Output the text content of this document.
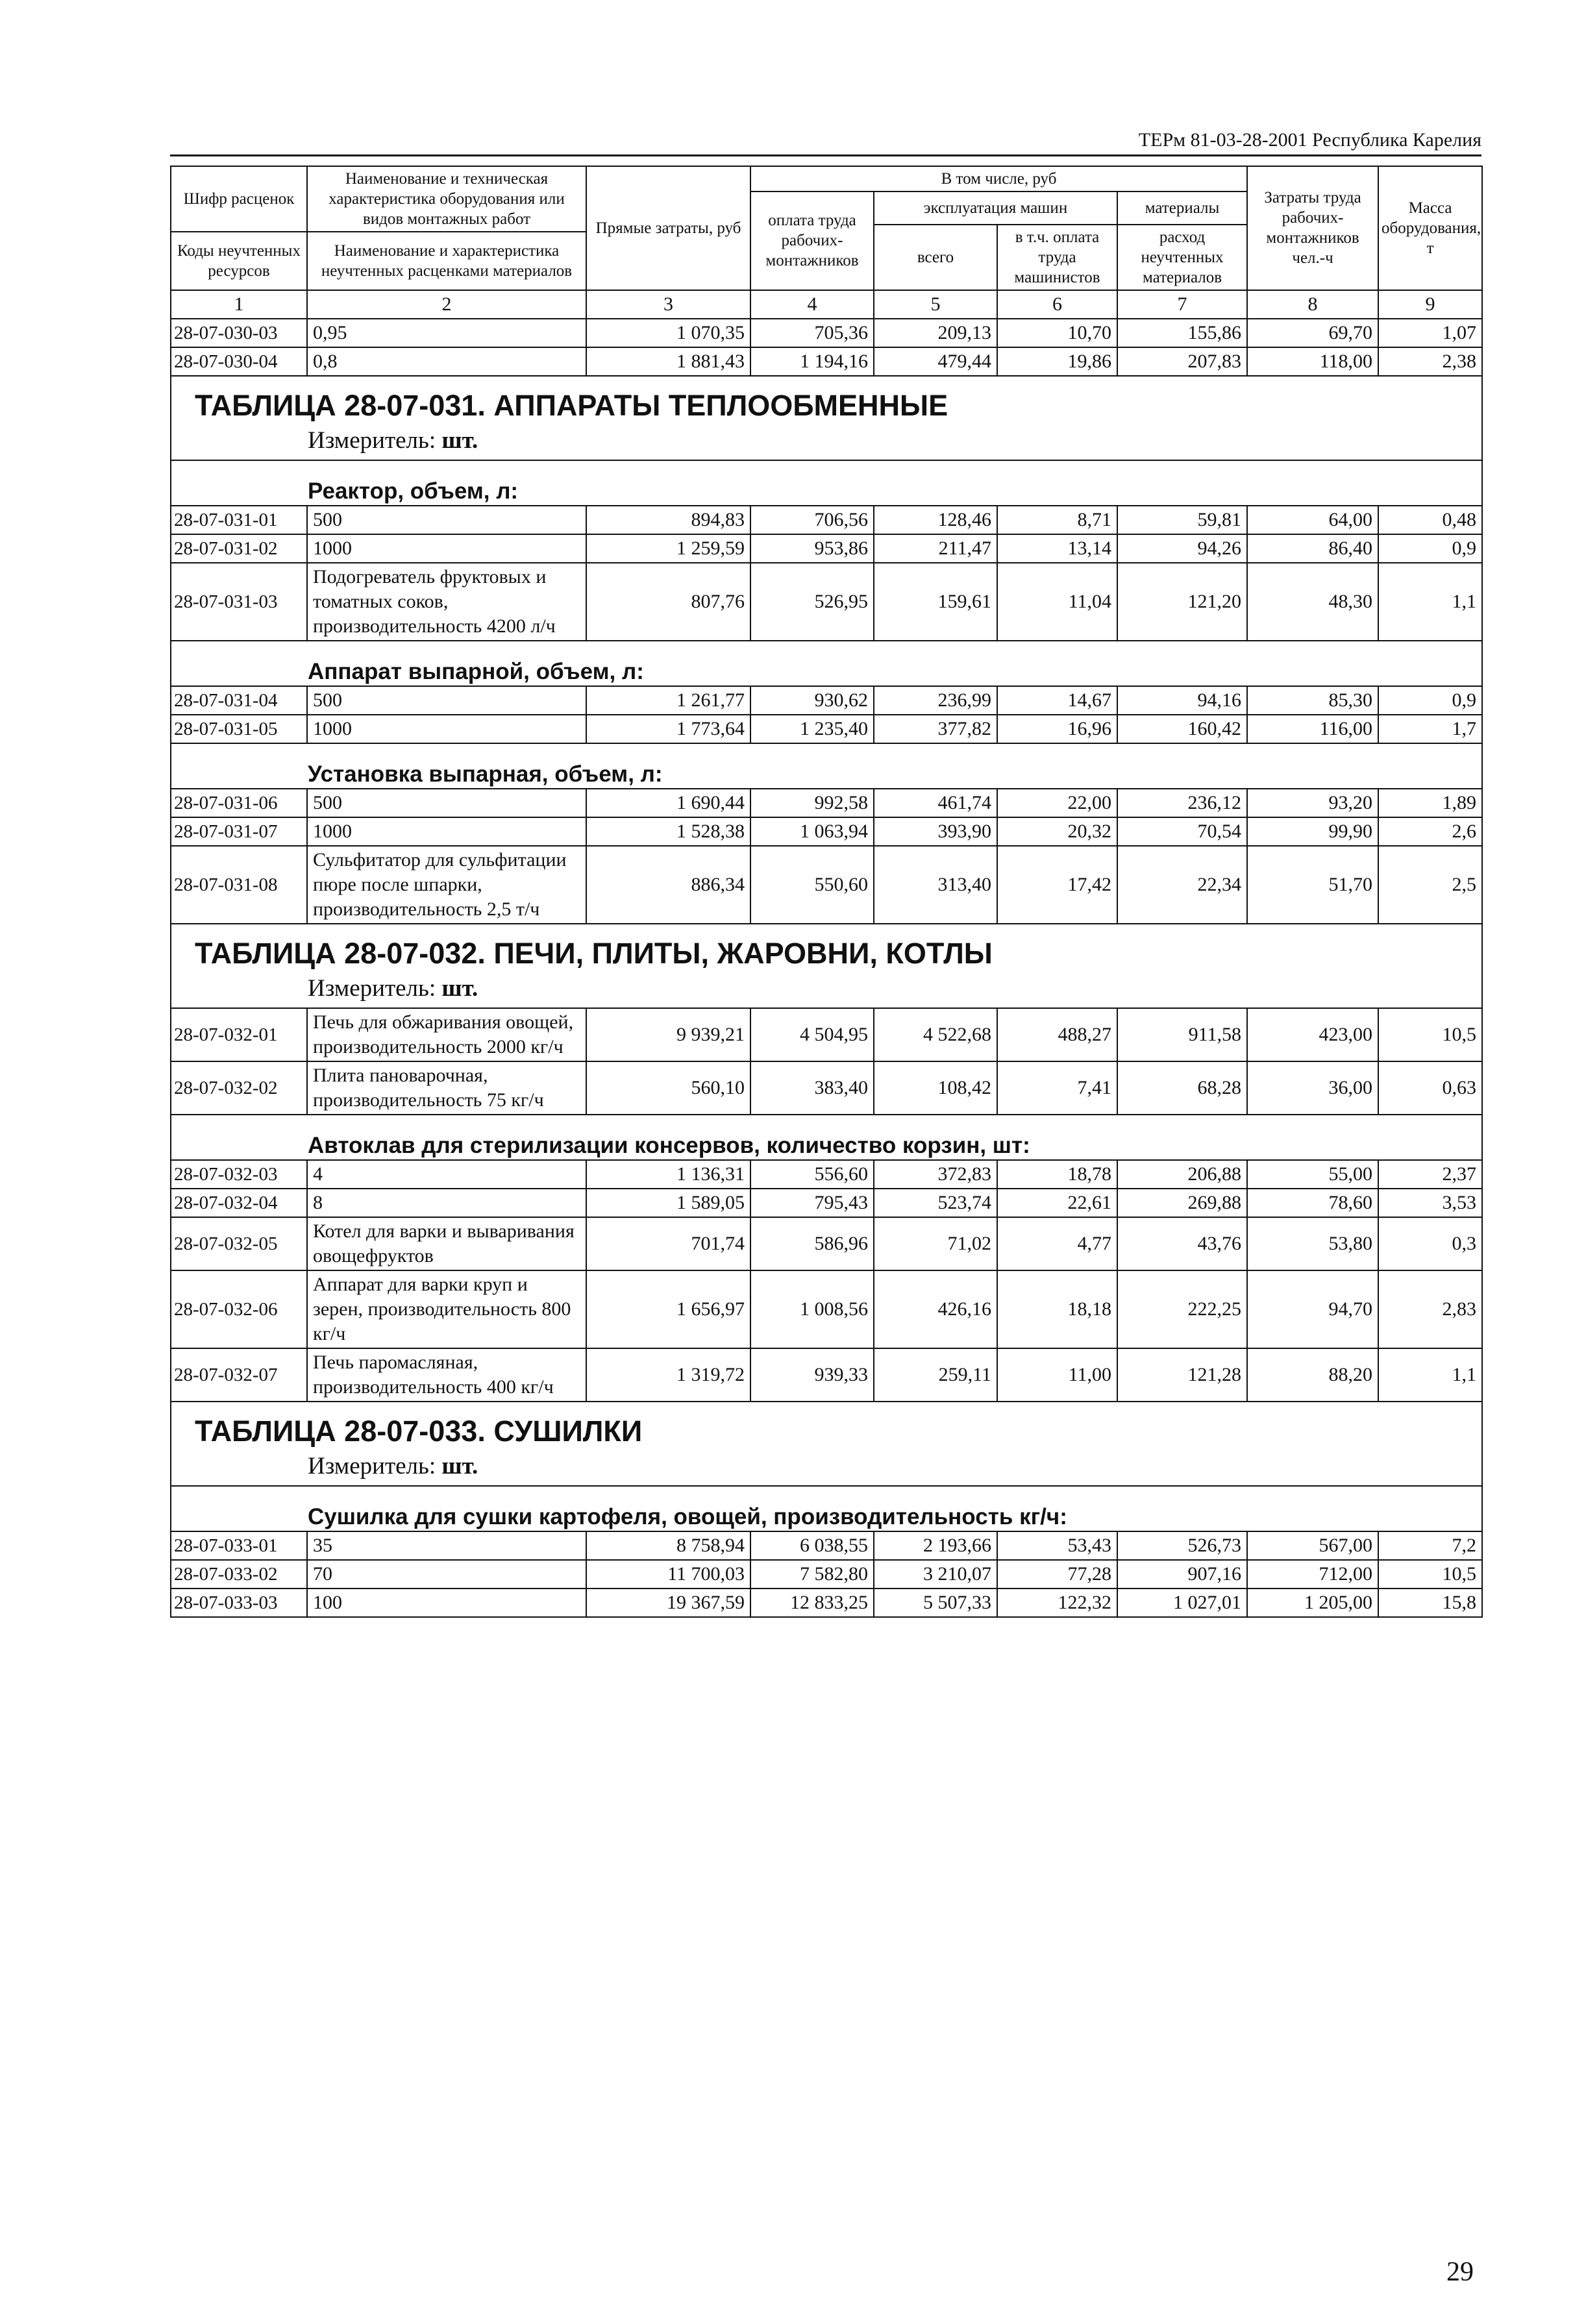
ТЕРм 81-03-28-2001 Республика Карелия
Шифр расценок	Наименование и техническая характеристика оборудования или видов монтажных работ	Прямые затраты, руб	В том числе, руб				Затраты труда рабочих-монтажников чел.-ч	Масса оборудования, т
			оплата труда рабочих-монтажников	эксплуатация машин		материалы		
				всего	в т.ч. оплата труда машинистов	расход неучтенных материалов		
Коды неучтенных ресурсов	Наименование и характеристика неучтенных расценками материалов							

1	2	3	4	5	6	7	8	9
28-07-030-03	0,95	1 070,35	705,36	209,13	10,70	155,86	69,70	1,07
28-07-030-04	0,8	1 881,43	1 194,16	479,44	19,86	207,83	118,00	2,38

ТАБЛИЦА 28-07-031. АППАРАТЫ ТЕПЛООБМЕННЫЕ
Измеритель: шт.								

Реактор, объем, л:								

28-07-031-01	500	894,83	706,56	128,46	8,71	59,81	64,00	0,48
28-07-031-02	1000	1 259,59	953,86	211,47	13,14	94,26	86,40	0,9
28-07-031-03	Подогреватель фруктовых и томатных соков, производительность 4200 л/ч	807,76	526,95	159,61	11,04	121,20	48,30	1,1

Аппарат выпарной, объем, л:								

28-07-031-04	500	1 261,77	930,62	236,99	14,67	94,16	85,30	0,9
28-07-031-05	1000	1 773,64	1 235,40	377,82	16,96	160,42	116,00	1,7

Установка выпарная, объем, л:								

28-07-031-06	500	1 690,44	992,58	461,74	22,00	236,12	93,20	1,89
28-07-031-07	1000	1 528,38	1 063,94	393,90	20,32	70,54	99,90	2,6
28-07-031-08	Сульфитатор для сульфитации пюре после шпарки, производительность 2,5 т/ч	886,34	550,60	313,40	17,42	22,34	51,70	2,5

ТАБЛИЦА 28-07-032. ПЕЧИ, ПЛИТЫ, ЖАРОВНИ, КОТЛЫ
Измеритель: шт.								

28-07-032-01	Печь для обжаривания овощей, производительность 2000 кг/ч	9 939,21	4 504,95	4 522,68	488,27	911,58	423,00	10,5
28-07-032-02	Плита пановарочная, производительность 75 кг/ч	560,10	383,40	108,42	7,41	68,28	36,00	0,63

Автоклав для стерилизации консервов, количество корзин, шт:								

28-07-032-03	4	1 136,31	556,60	372,83	18,78	206,88	55,00	2,37
28-07-032-04	8	1 589,05	795,43	523,74	22,61	269,88	78,60	3,53
28-07-032-05	Котел для варки и вываривания овощефруктов	701,74	586,96	71,02	4,77	43,76	53,80	0,3
28-07-032-06	Аппарат для варки круп и зерен, производительность 800 кг/ч	1 656,97	1 008,56	426,16	18,18	222,25	94,70	2,83
28-07-032-07	Печь паромасляная, производительность 400 кг/ч	1 319,72	939,33	259,11	11,00	121,28	88,20	1,1

ТАБЛИЦА 28-07-033. СУШИЛКИ
Измеритель: шт.								

Сушилка для сушки картофеля, овощей, производительность кг/ч:								

28-07-033-01	35	8 758,94	6 038,55	2 193,66	53,43	526,73	567,00	7,2
28-07-033-02	70	11 700,03	7 582,80	3 210,07	77,28	907,16	712,00	10,5
28-07-033-03	100	19 367,59	12 833,25	5 507,33	122,32	1 027,01	1 205,00	15,8
29
